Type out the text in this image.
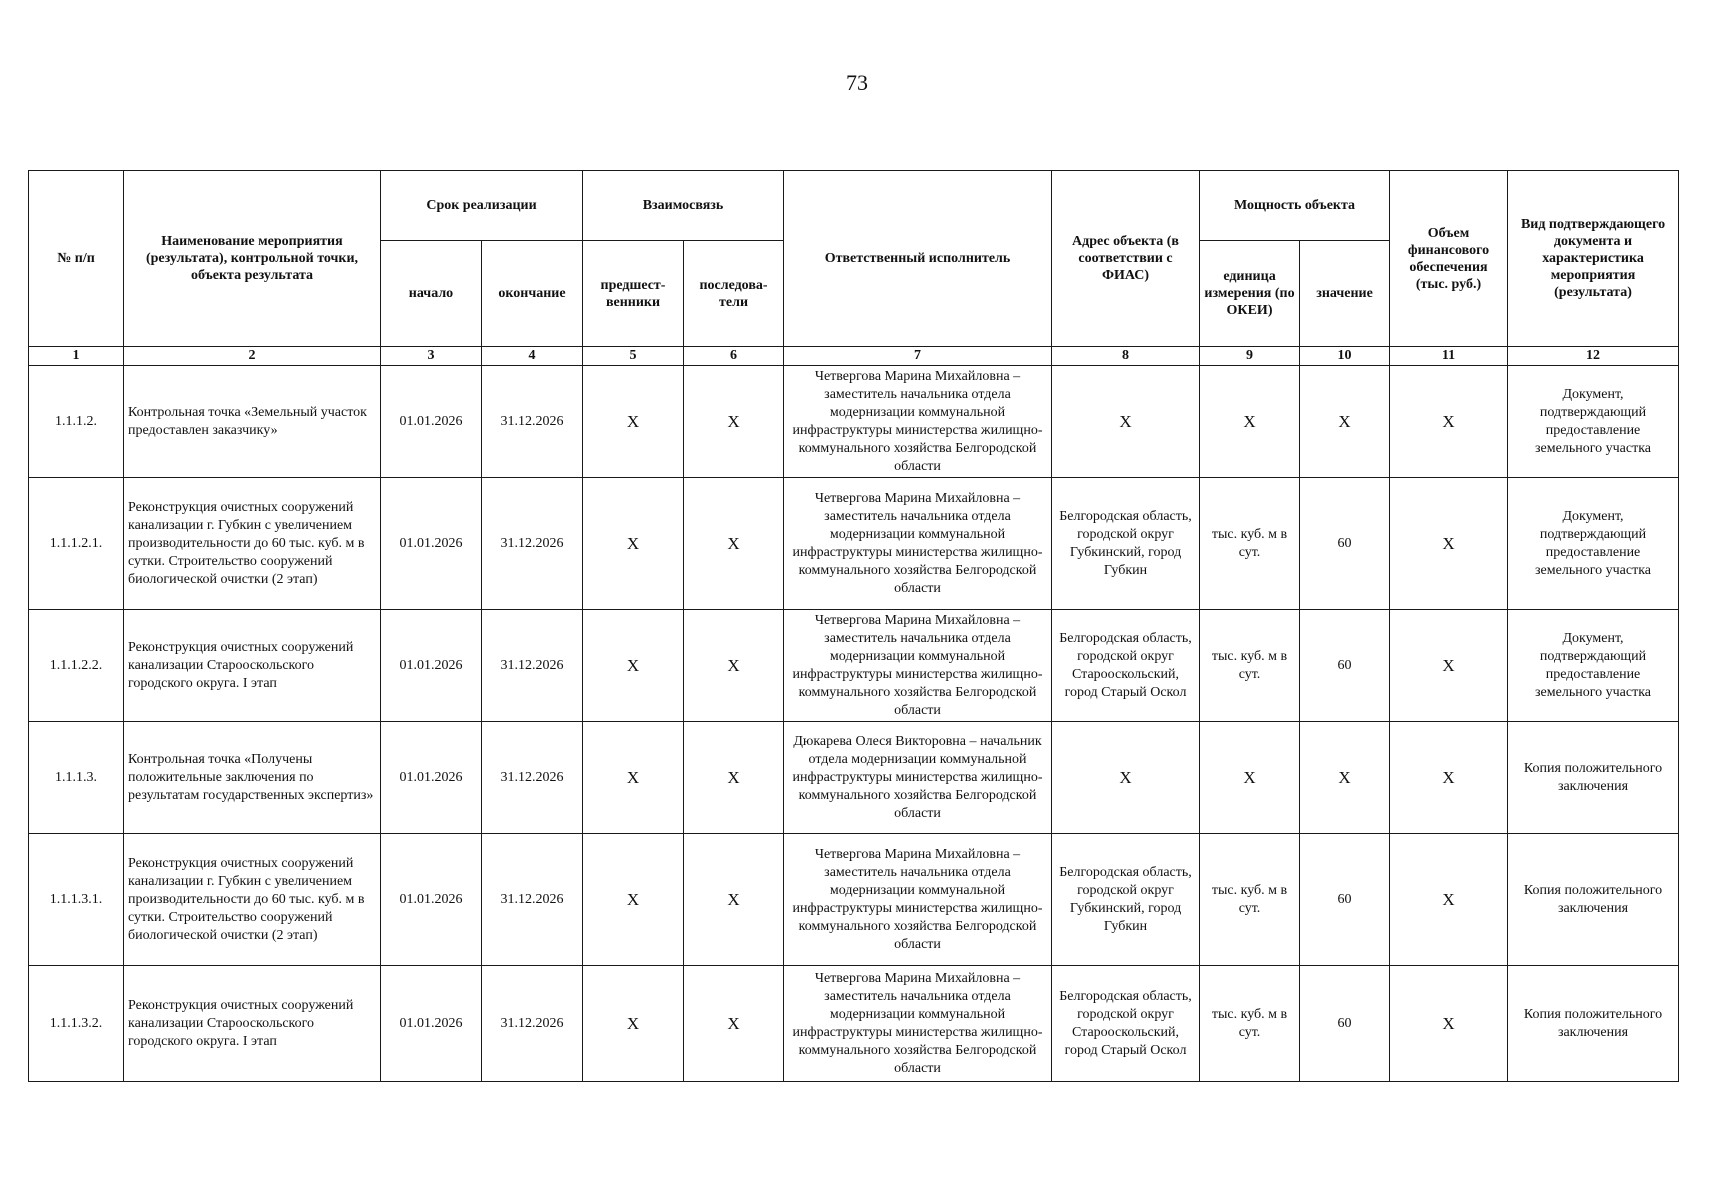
73
№ п/п	Наименование мероприятия (результата), контрольной точки, объекта результата	Срок реализации		Взаимосвязь		Ответственный исполнитель	Адрес объекта (в соответствии с ФИАС)	Мощность объекта		Объем финансового обеспечения (тыс. руб.)	Вид подтверждающего документа и характеристика мероприятия (результата)
		начало	окончание	предшест-венники	последова-тели			единица измерения (по ОКЕИ)	значение		
1	2	3	4	5	6	7	8	9	10	11	12
1.1.1.2.	Контрольная точка «Земельный участок предоставлен заказчику»	01.01.2026	31.12.2026	Х	Х	Четвергова Марина Михайловна – заместитель начальника отдела модернизации коммунальной инфраструктуры министерства жилищно-коммунального хозяйства Белгородской области	Х	Х	Х	Х	Документ, подтверждающий предоставление земельного участка
1.1.1.2.1.	Реконструкция очистных сооружений канализации г. Губкин с увеличением производительности до 60 тыс. куб. м в сутки. Строительство сооружений биологической очистки (2 этап)	01.01.2026	31.12.2026	Х	Х	Четвергова Марина Михайловна – заместитель начальника отдела модернизации коммунальной инфраструктуры министерства жилищно-коммунального хозяйства Белгородской области	Белгородская область, городской округ Губкинский, город Губкин	тыс. куб. м в сут.	60	Х	Документ, подтверждающий предоставление земельного участка
1.1.1.2.2.	Реконструкция очистных сооружений канализации Старооскольского городского округа. I этап	01.01.2026	31.12.2026	Х	Х	Четвергова Марина Михайловна – заместитель начальника отдела модернизации коммунальной инфраструктуры министерства жилищно-коммунального хозяйства Белгородской области	Белгородская область, городской округ Старооскольский, город Старый Оскол	тыс. куб. м в сут.	60	Х	Документ, подтверждающий предоставление земельного участка
1.1.1.3.	Контрольная точка «Получены положительные заключения по результатам государственных экспертиз»	01.01.2026	31.12.2026	Х	Х	Дюкарева Олеся Викторовна – начальник отдела модернизации коммунальной инфраструктуры министерства жилищно-коммунального хозяйства Белгородской области	Х	Х	Х	Х	Копия положительного заключения
1.1.1.3.1.	Реконструкция очистных сооружений канализации г. Губкин с увеличением производительности до 60 тыс. куб. м в сутки. Строительство сооружений биологической очистки (2 этап)	01.01.2026	31.12.2026	Х	Х	Четвергова Марина Михайловна – заместитель начальника отдела модернизации коммунальной инфраструктуры министерства жилищно-коммунального хозяйства Белгородской области	Белгородская область, городской округ Губкинский, город Губкин	тыс. куб. м в сут.	60	Х	Копия положительного заключения
1.1.1.3.2.	Реконструкция очистных сооружений канализации Старооскольского городского округа. I этап	01.01.2026	31.12.2026	Х	Х	Четвергова Марина Михайловна – заместитель начальника отдела модернизации коммунальной инфраструктуры министерства жилищно-коммунального хозяйства Белгородской области	Белгородская область, городской округ Старооскольский, город Старый Оскол	тыс. куб. м в сут.	60	Х	Копия положительного заключения
